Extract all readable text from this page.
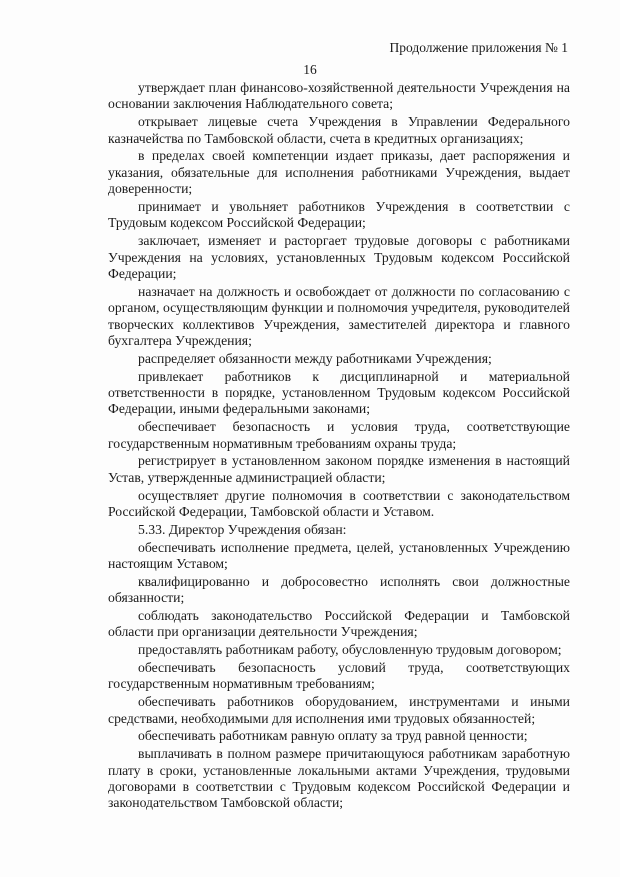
Продолжение приложения № 1
16

утверждает план финансово-хозяйственной деятельности Учреждения на основании заключения Наблюдательного совета;

открывает лицевые счета Учреждения в Управлении Федерального казначейства по Тамбовской области, счета в кредитных организациях;

в пределах своей компетенции издает приказы, дает распоряжения и указания, обязательные для исполнения работниками Учреждения, выдает доверенности;

принимает и увольняет работников Учреждения в соответствии с Трудовым кодексом Российской Федерации;

заключает, изменяет и расторгает трудовые договоры с работниками Учреждения на условиях, установленных Трудовым кодексом Российской Федерации;

назначает на должность и освобождает от должности по согласованию с органом, осуществляющим функции и полномочия учредителя, руководителей творческих коллективов Учреждения, заместителей директора и главного бухгалтера Учреждения;

распределяет обязанности между работниками Учреждения;

привлекает работников к дисциплинарной и материальной ответственности в порядке, установленном Трудовым кодексом Российской Федерации, иными федеральными законами;

обеспечивает безопасность и условия труда, соответствующие государственным нормативным требованиям охраны труда;

регистрирует в установленном законом порядке изменения в настоящий Устав, утвержденные администрацией области;

осуществляет другие полномочия в соответствии с законодательством Российской Федерации, Тамбовской области и Уставом.

5.33. Директор Учреждения обязан:

обеспечивать исполнение предмета, целей, установленных Учреждению настоящим Уставом;

квалифицированно и добросовестно исполнять свои должностные обязанности;

соблюдать законодательство Российской Федерации и Тамбовской области при организации деятельности Учреждения;

предоставлять работникам работу, обусловленную трудовым договором;

обеспечивать безопасность условий труда, соответствующих государственным нормативным требованиям;

обеспечивать работников оборудованием, инструментами и иными средствами, необходимыми для исполнения ими трудовых обязанностей;

обеспечивать работникам равную оплату за труд равной ценности;

выплачивать в полном размере причитающуюся работникам заработную плату в сроки, установленные локальными актами Учреждения, трудовыми договорами в соответствии с Трудовым кодексом Российской Федерации и законодательством Тамбовской области;
